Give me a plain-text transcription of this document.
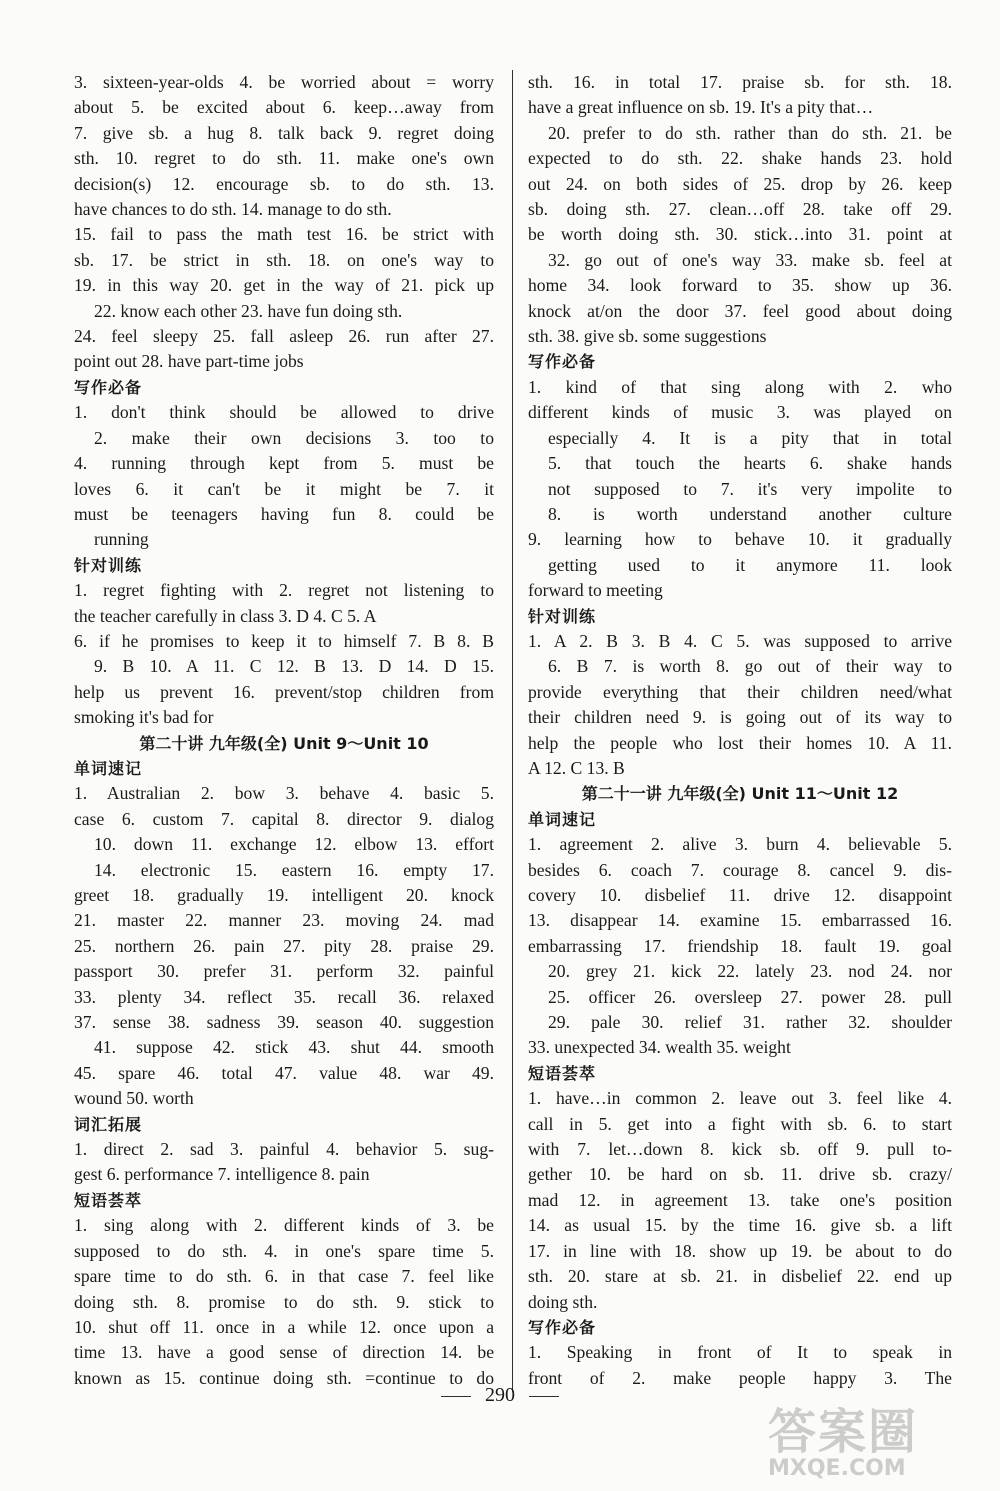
3. sixteen-year-olds 4. be worried about = worry
about 5. be excited about 6. keep…away from
7. give sb. a hug 8. talk back 9. regret doing
sth. 10. regret to do sth. 11. make one's own
decision(s) 12. encourage sb. to do sth. 13.
have chances to do sth. 14. manage to do sth.
15. fail to pass the math test 16. be strict with
sb. 17. be strict in sth. 18. on one's way to
19. in this way 20. get in the way of 21. pick up
22. know each other 23. have fun doing sth.
24. feel sleepy 25. fall asleep 26. run after 27.
point out 28. have part-time jobs
写作必备
1. don't think should be allowed to drive
2. make their own decisions 3. too to
4. running through kept from 5. must be
loves 6. it can't be it might be 7. it
must be teenagers having fun 8. could be
running
针对训练
1. regret fighting with 2. regret not listening to
the teacher carefully in class 3. D 4. C 5. A
6. if he promises to keep it to himself 7. B 8. B
9. B 10. A 11. C 12. B 13. D 14. D 15.
help us prevent 16. prevent/stop children from
smoking it's bad for
第二十讲 九年级(全) Unit 9～Unit 10
单词速记
1. Australian 2. bow 3. behave 4. basic 5.
case 6. custom 7. capital 8. director 9. dialog
10. down 11. exchange 12. elbow 13. effort
14. electronic 15. eastern 16. empty 17.
greet 18. gradually 19. intelligent 20. knock
21. master 22. manner 23. moving 24. mad
25. northern 26. pain 27. pity 28. praise 29.
passport 30. prefer 31. perform 32. painful
33. plenty 34. reflect 35. recall 36. relaxed
37. sense 38. sadness 39. season 40. suggestion
41. suppose 42. stick 43. shut 44. smooth
45. spare 46. total 47. value 48. war 49.
wound 50. worth
词汇拓展
1. direct 2. sad 3. painful 4. behavior 5. sug-
gest 6. performance 7. intelligence 8. pain
短语荟萃
1. sing along with 2. different kinds of 3. be
supposed to do sth. 4. in one's spare time 5.
spare time to do sth. 6. in that case 7. feel like
doing sth. 8. promise to do sth. 9. stick to
10. shut off 11. once in a while 12. once upon a
time 13. have a good sense of direction 14. be
known as 15. continue doing sth. =continue to do
sth. 16. in total 17. praise sb. for sth. 18.
have a great influence on sb. 19. It's a pity that…
20. prefer to do sth. rather than do sth. 21. be
expected to do sth. 22. shake hands 23. hold
out 24. on both sides of 25. drop by 26. keep
sb. doing sth. 27. clean…off 28. take off 29.
be worth doing sth. 30. stick…into 31. point at
32. go out of one's way 33. make sb. feel at
home 34. look forward to 35. show up 36.
knock at/on the door 37. feel good about doing
sth. 38. give sb. some suggestions
写作必备
1. kind of that sing along with 2. who
different kinds of music 3. was played on
especially 4. It is a pity that in total
5. that touch the hearts 6. shake hands
not supposed to 7. it's very impolite to
8. is worth understand another culture
9. learning how to behave 10. it gradually
getting used to it anymore 11. look
forward to meeting
针对训练
1. A 2. B 3. B 4. C 5. was supposed to arrive
6. B 7. is worth 8. go out of their way to
provide everything that their children need/what
their children need 9. is going out of its way to
help the people who lost their homes 10. A 11.
A 12. C 13. B
第二十一讲 九年级(全) Unit 11～Unit 12
单词速记
1. agreement 2. alive 3. burn 4. believable 5.
besides 6. coach 7. courage 8. cancel 9. dis-
covery 10. disbelief 11. drive 12. disappoint
13. disappear 14. examine 15. embarrassed 16.
embarrassing 17. friendship 18. fault 19. goal
20. grey 21. kick 22. lately 23. nod 24. nor
25. officer 26. oversleep 27. power 28. pull
29. pale 30. relief 31. rather 32. shoulder
33. unexpected 34. wealth 35. weight
短语荟萃
1. have…in common 2. leave out 3. feel like 4.
call in 5. get into a fight with sb. 6. to start
with 7. let…down 8. kick sb. off 9. pull to-
gether 10. be hard on sb. 11. drive sb. crazy/
mad 12. in agreement 13. take one's position
14. as usual 15. by the time 16. give sb. a lift
17. in line with 18. show up 19. be about to do
sth. 20. stare at sb. 21. in disbelief 22. end up
doing sth.
写作必备
1. Speaking in front of It to speak in
front of 2. make people happy 3. The
290
答案圈
MXQE.COM
